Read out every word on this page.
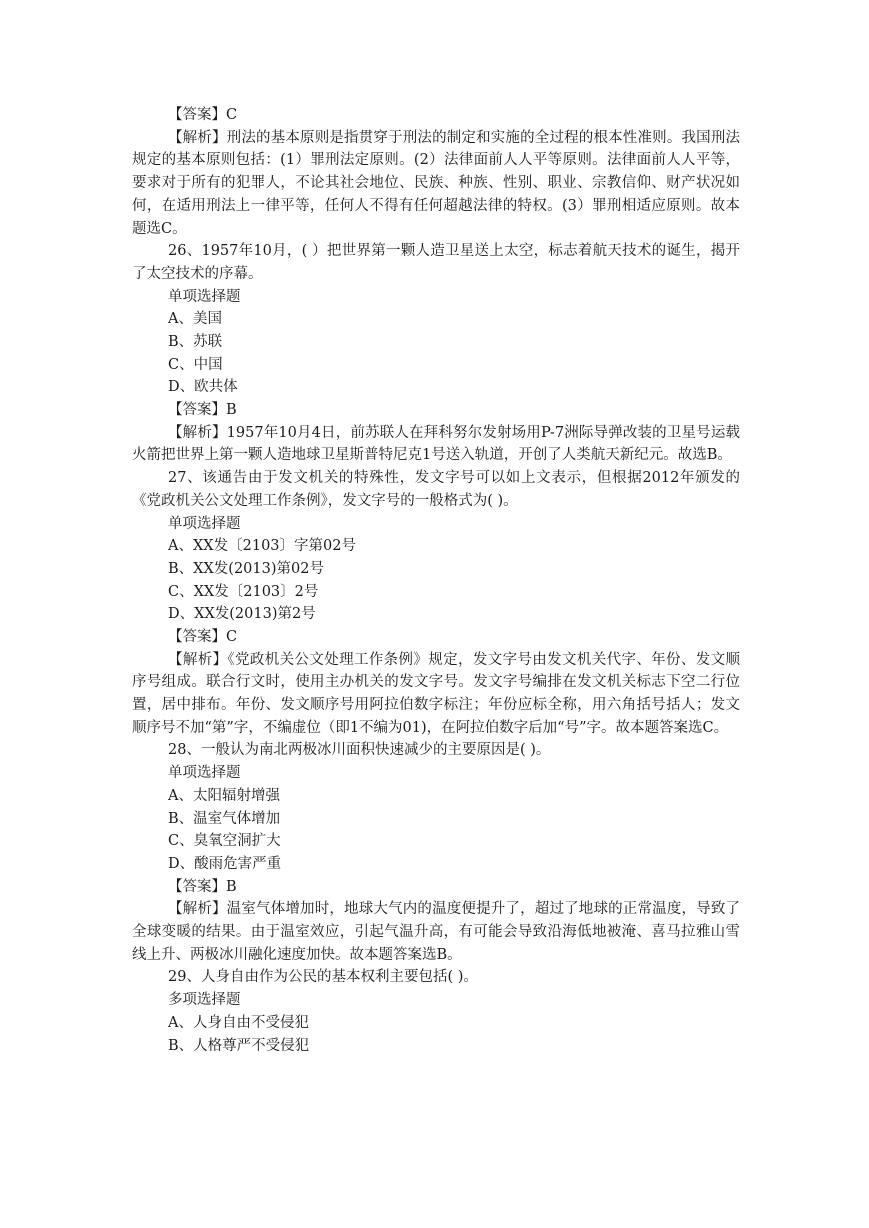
【答案】C
【解析】刑法的基本原则是指贯穿于刑法的制定和实施的全过程的根本性准则。我国刑法规定的基本原则包括：(1）罪刑法定原则。(2）法律面前人人平等原则。法律面前人人平等，要求对于所有的犯罪人，不论其社会地位、民族、种族、性别、职业、宗教信仰、财产状况如何，在适用刑法上一律平等，任何人不得有任何超越法律的特权。(3）罪刑相适应原则。故本题选C。
26、1957年10月，( ）把世界第一颗人造卫星送上太空，标志着航天技术的诞生，揭开了太空技术的序幕。
单项选择题
A、美国
B、苏联
C、中国
D、欧共体
【答案】B
【解析】1957年10月4日，前苏联人在拜科努尔发射场用P-7洲际导弹改装的卫星号运载火箭把世界上第一颗人造地球卫星斯普特尼克1号送入轨道，开创了人类航天新纪元。故选B。
27、该通告由于发文机关的特殊性，发文字号可以如上文表示，但根据2012年颁发的《党政机关公文处理工作条例》，发文字号的一般格式为( )。
单项选择题
A、XX发〔2103〕字第02号
B、XX发(2013)第02号
C、XX发〔2103〕2号
D、XX发(2013)第2号
【答案】C
【解析】《党政机关公文处理工作条例》规定，发文字号由发文机关代字、年份、发文顺序号组成。联合行文时，使用主办机关的发文字号。发文字号编排在发文机关标志下空二行位置，居中排布。年份、发文顺序号用阿拉伯数字标注；年份应标全称，用六角括号括人；发文顺序号不加“第”字，不编虚位（即1不编为01)，在阿拉伯数字后加“号”字。故本题答案选C。
28、一般认为南北两极冰川面积快速减少的主要原因是( )。
单项选择题
A、太阳辐射增强
B、温室气体增加
C、臭氧空洞扩大
D、酸雨危害严重
【答案】B
【解析】温室气体增加时，地球大气内的温度便提升了，超过了地球的正常温度，导致了全球变暖的结果。由于温室效应，引起气温升高，有可能会导致沿海低地被淹、喜马拉雅山雪线上升、两极冰川融化速度加快。故本题答案选B。
29、人身自由作为公民的基本权利主要包括( )。
多项选择题
A、人身自由不受侵犯
B、人格尊严不受侵犯
